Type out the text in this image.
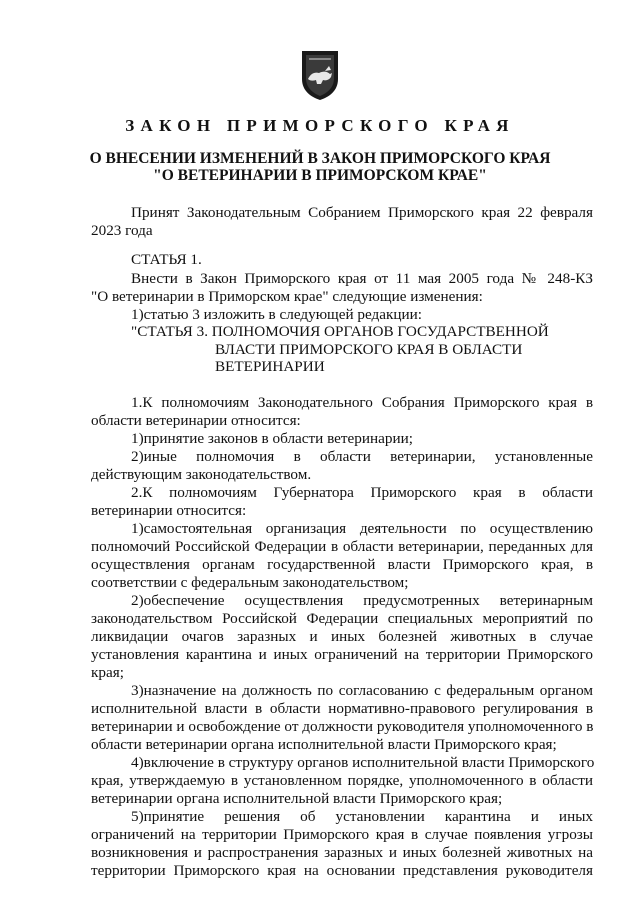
ЗАКОН ПРИМОРСКОГО КРАЯ
О ВНЕСЕНИИ ИЗМЕНЕНИЙ В ЗАКОН ПРИМОРСКОГО КРАЯ
"О ВЕТЕРИНАРИИ В ПРИМОРСКОМ КРАЕ"
Принят Законодательным Собранием Приморского края 22 февраля
2023 года
СТАТЬЯ 1.
Внести в Закон Приморского края от 11 мая 2005 года № 248-КЗ
"О ветеринарии в Приморском крае" следующие изменения:
1)статью 3 изложить в следующей редакции:
"СТАТЬЯ 3. ПОЛНОМОЧИЯ ОРГАНОВ ГОСУДАРСТВЕННОЙ
ВЛАСТИ ПРИМОРСКОГО КРАЯ В ОБЛАСТИ
ВЕТЕРИНАРИИ
1.К полномочиям Законодательного Собрания Приморского края в
области ветеринарии относится:
1)принятие законов в области ветеринарии;
2)иные полномочия в области ветеринарии, установленные
действующим законодательством.
2.К полномочиям Губернатора Приморского края в области
ветеринарии относится:
1)самостоятельная организация деятельности по осуществлению
полномочий Российской Федерации в области ветеринарии, переданных для
осуществления органам государственной власти Приморского края, в
соответствии с федеральным законодательством;
2)обеспечение осуществления предусмотренных ветеринарным
законодательством Российской Федерации специальных мероприятий по
ликвидации очагов заразных и иных болезней животных в случае
установления карантина и иных ограничений на территории Приморского
края;
3)назначение на должность по согласованию с федеральным органом
исполнительной власти в области нормативно-правового регулирования в
ветеринарии и освобождение от должности руководителя уполномоченного в
области ветеринарии органа исполнительной власти Приморского края;
4)включение в структуру органов исполнительной власти Приморского
края, утверждаемую в установленном порядке, уполномоченного в области
ветеринарии органа исполнительной власти Приморского края;
5)принятие решения об установлении карантина и иных
ограничений на территории Приморского края в случае появления угрозы
возникновения и распространения заразных и иных болезней животных на
территории Приморского края на основании представления руководителя
